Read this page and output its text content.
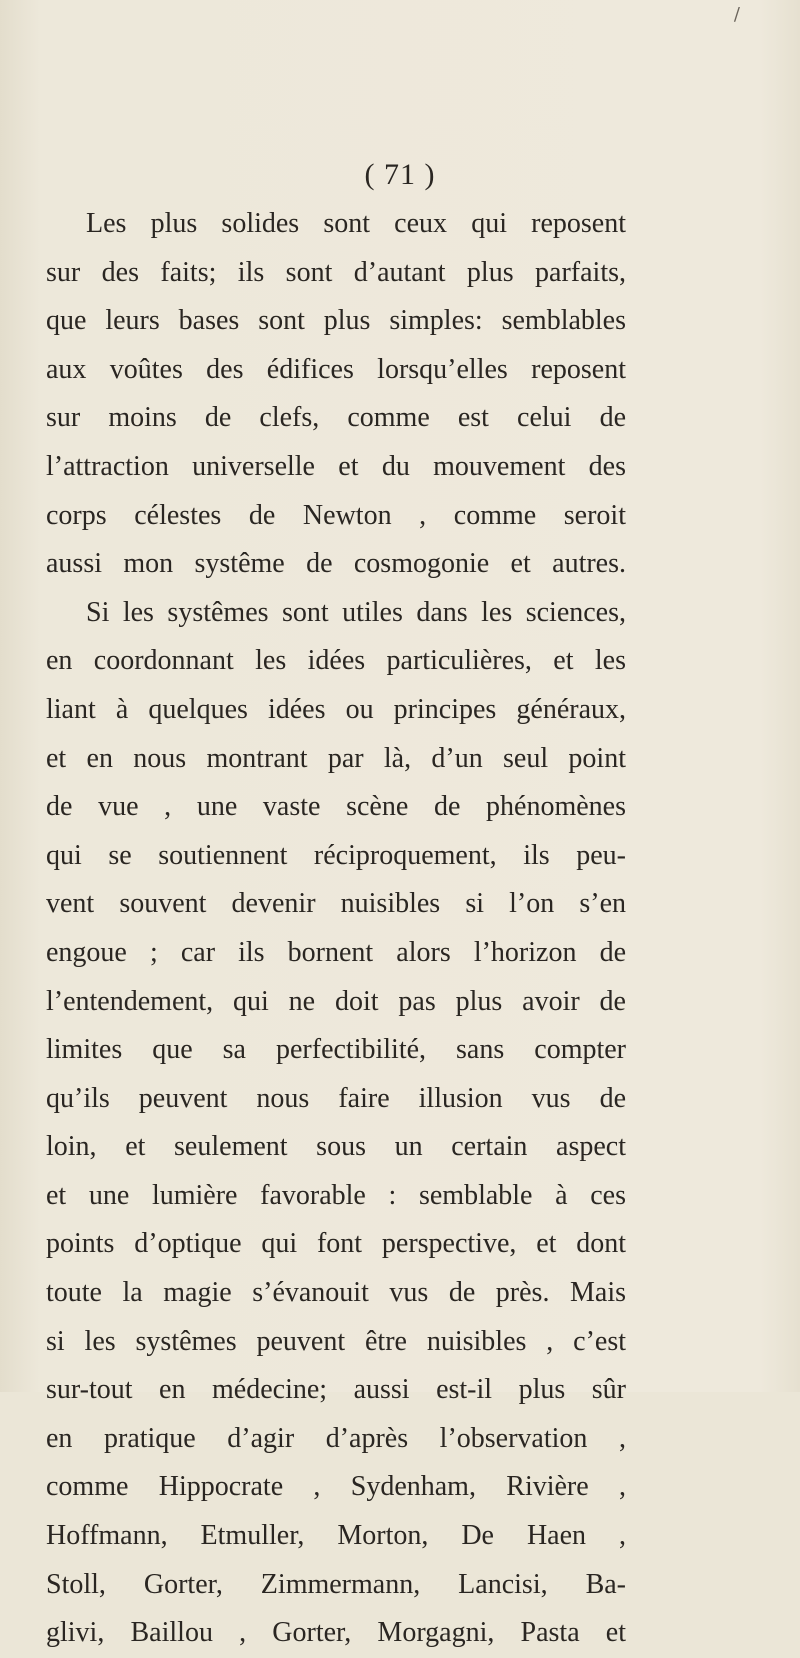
/
( 71 )
Les plus solides sont ceux qui reposent
sur des faits; ils sont d’autant plus parfaits,
que leurs bases sont plus simples: semblables
aux voûtes des édifices lorsqu’elles reposent
sur moins de clefs, comme est celui de
l’attraction universelle et du mouvement des
corps célestes de Newton , comme seroit
aussi mon systême de cosmogonie et autres.
Si les systêmes sont utiles dans les sciences,
en coordonnant les idées particulières, et les
liant à quelques idées ou principes généraux,
et en nous montrant par là, d’un seul point
de vue , une vaste scène de phénomènes
qui se soutiennent réciproquement, ils peu-
vent souvent devenir nuisibles si l’on s’en
engoue ; car ils bornent alors l’horizon de
l’entendement, qui ne doit pas plus avoir de
limites que sa perfectibilité, sans compter
qu’ils peuvent nous faire illusion vus de
loin, et seulement sous un certain aspect
et une lumière favorable : semblable à ces
points d’optique qui font perspective, et dont
toute la magie s’évanouit vus de près. Mais
si les systêmes peuvent être nuisibles , c’est
sur-tout en médecine; aussi est-il plus sûr
en pratique d’agir d’après l’observation ,
comme Hippocrate , Sydenham, Rivière ,
Hoffmann, Etmuller, Morton, De Haen ,
Stoll, Gorter, Zimmermann, Lancisi, Ba-
glivi, Baillou , Gorter, Morgagni, Pasta et
